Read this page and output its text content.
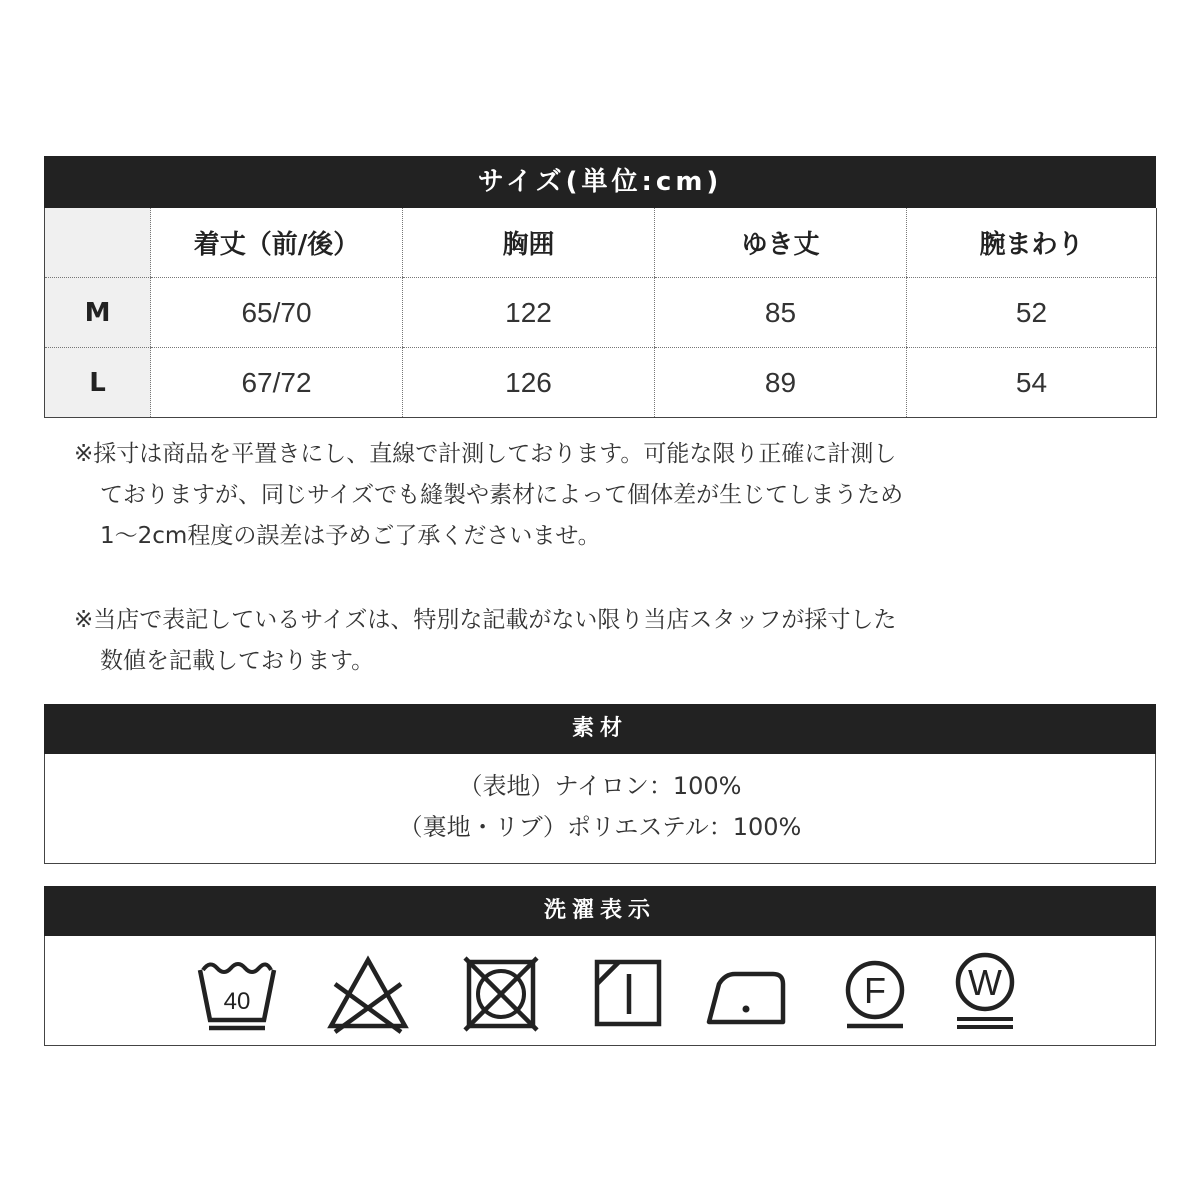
サイズ(単位:cm)
	着丈（前/後）	胸囲	ゆき丈	腕まわり
M	65/70	122	85	52
L	67/72	126	89	54

※採寸は商品を平置きにし、直線で計測しております。可能な限り正確に計測し

ておりますが、同じサイズでも縫製や素材によって個体差が生じてしまうため

1～2cm程度の誤差は予めご了承くださいませ。

※当店で表記しているサイズは、特別な記載がない限り当店スタッフが採寸した

数値を記載しております。

素材

（表地）ナイロン：100%

（裏地・リブ）ポリエステル：100%

洗濯表示
40	F W
